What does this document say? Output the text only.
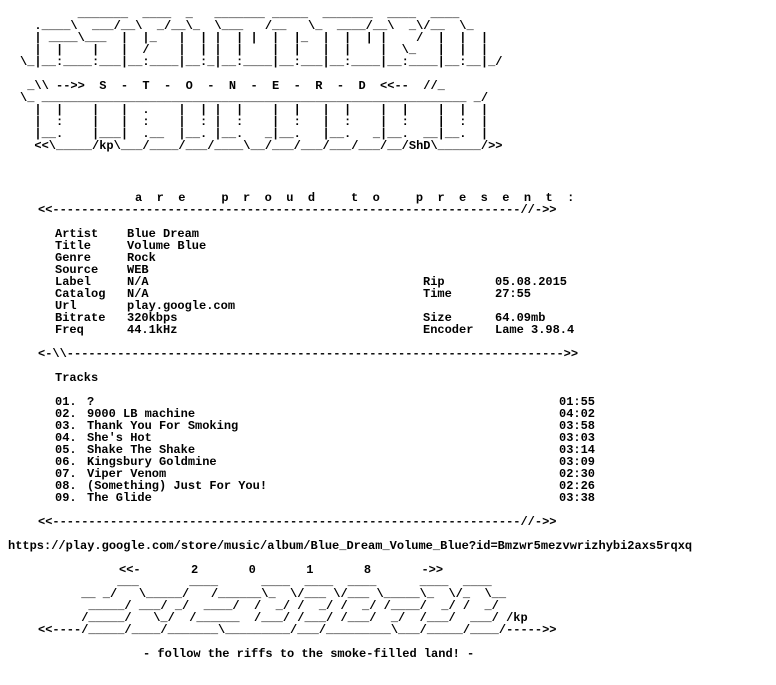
_______  ____  _   _______ _____  _______  ____  ____
.____\  ___/__\  _/__\_  \___   /__   \_  ____/__\  _\/__  \_
| ____\___  |  |_   |  | |  | |  |  |_  |  |  | |    /  |  |  |
|  |    |   |  /    |  | |  |    |  |   |  |    |  \_   |  |  |
\_|__:____:___|__:____|__:_|__:____|__:___|__:____|__:____|__:__|_/

_\\ -->>  S  -  T  -  O  -  N  -  E  -  R  -  D  <<--  //_
\_ ___________________________________________________________ _/
|  |    |   |  .    |  | |  |    |  |   |  |    |  |    |  |  |
|  :    |   |  :    |  : |  :    |  :   |  :    |  :    |  :  |
|__.    |___|  .__  |__. |__.   _|__.   |__.   _|__.  __|__.  |
<<\_____/kp\___/____/___/____\__/___/___/___/___/__/ShD\______/>>

a  r  e     p  r  o  u  d     t  o     p  r  e  s  e  n  t  :

<<-----------------------------------------------------------------//->>

Artist Blue Dream
Title	Volume Blue
Genre	Rock
Source WEB
Label	N/A	Rip	05.08.2015
Catalog N/A	Time	27:55
Url	play.google.com
Bitrate 320kbps	Size	64.09mb
Freq	44.1kHz	Encoder Lame 3.98.4

<-\\--------------------------------------------------------------------->>

Tracks

01. ?	01:55
02. 9000 LB machine	04:02
03. Thank You For Smoking	03:58
04. She's Hot	03:03
05. Shake The Shake	03:14
06. Kingsbury Goldmine	03:09
07. Viper Venom	02:30
08. (Something) Just For You!	02:26
09. The Glide	03:38

<<-----------------------------------------------------------------//->>

https://play.google.com/store/music/album/Blue_Dream_Volume_Blue?id=Bmzwr5mezvwrizhybi2axs5rqxq

<<-       2       0       1       8       ->>

___       ____      ____  ____  ____      ____  ____
__ _/   \_____/   /______\_  \/___ \/___ \_____\_  \/_  \__
_____/ ___/ _/  ____/  /  _/ /  _/ /  _/ /____/  _/ /  _/
/_____/   \_/  /______  /___/ /___/ /___/  _/  /___/  ___/ /kp
<<----/_____/____/_______\_________/___/_________\___/_____/____/----->>

- follow the riffs to the smoke-filled land! -
